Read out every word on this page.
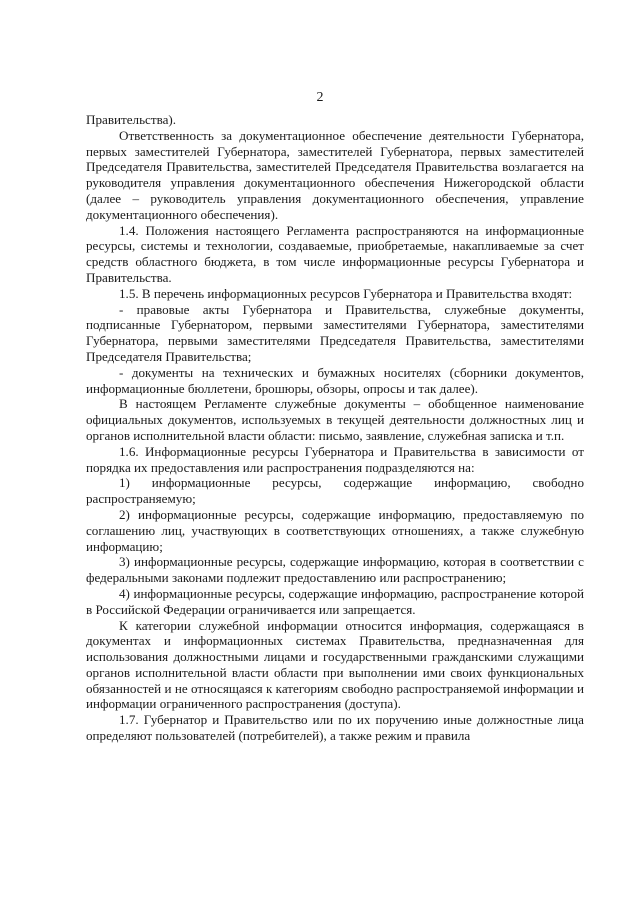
2

Правительства).

Ответственность за документационное обеспечение деятельности Губернатора, первых заместителей Губернатора, заместителей Губернатора, первых заместителей Председателя Правительства, заместителей Председателя Правительства возлагается на руководителя управления документационного обеспечения Нижегородской области (далее – руководитель управления документационного обеспечения, управление документационного обеспечения).

1.4. Положения настоящего Регламента распространяются на информационные ресурсы, системы и технологии, создаваемые, приобретаемые, накапливаемые за счет средств областного бюджета, в том числе информационные ресурсы Губернатора и Правительства.

1.5. В перечень информационных ресурсов Губернатора и Правительства входят:

- правовые акты Губернатора и Правительства, служебные документы, подписанные Губернатором, первыми заместителями Губернатора, заместителями Губернатора, первыми заместителями Председателя Правительства, заместителями Председателя Правительства;

- документы на технических и бумажных носителях (сборники документов, информационные бюллетени, брошюры, обзоры, опросы и так далее).

В настоящем Регламенте служебные документы – обобщенное наименование официальных документов, используемых в текущей деятельности должностных лиц и органов исполнительной власти области: письмо, заявление, служебная записка и т.п.

1.6. Информационные ресурсы Губернатора и Правительства в зависимости от порядка их предоставления или распространения подразделяются на:

1) информационные ресурсы, содержащие информацию, свободно распространяемую;

2) информационные ресурсы, содержащие информацию, предоставляемую по соглашению лиц, участвующих в соответствующих отношениях, а также служебную информацию;

3) информационные ресурсы, содержащие информацию, которая в соответствии с федеральными законами подлежит предоставлению или распространению;

4) информационные ресурсы, содержащие информацию, распространение которой в Российской Федерации ограничивается или запрещается.

К категории служебной информации относится информация, содержащаяся в документах и информационных системах Правительства, предназначенная для использования должностными лицами и государственными гражданскими служащими органов исполнительной власти области при выполнении ими своих функциональных обязанностей и не относящаяся к категориям свободно распространяемой информации и информации ограниченного распространения (доступа).

1.7. Губернатор и Правительство или по их поручению иные должностные лица определяют пользователей (потребителей), а также режим и правила
